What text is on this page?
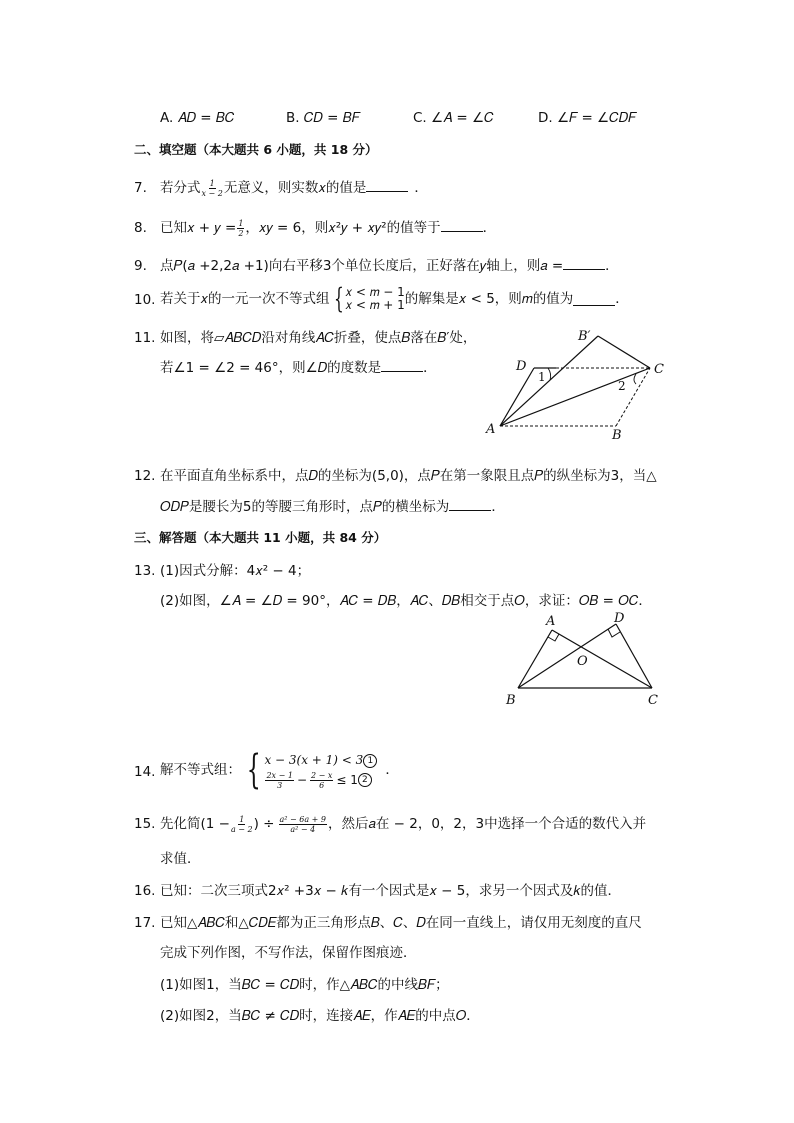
A. 𝐴𝐷 = 𝐵𝐶	B. 𝐶𝐷 = 𝐵𝐹	C. ∠𝐴 = ∠𝐶	D. ∠𝐹 = ∠𝐶𝐷𝐹
二、填空题（本大题共 6 小题，共 18 分）
7. 若分式 $\frac{1}{x - 2}$ 无意义，则实数𝑥的值是	．
8. 已知𝑥 + 𝑦 = $\frac{1}{2}$ ，𝑥𝑦 = 6，则𝑥²𝑦 + 𝑥𝑦²的值等于	．
9. 点𝑃(𝑎 +2,2𝑎 +1)向右平移3个单位长度后，正好落在𝑦轴上，则𝑎 =	．
10. 若关于𝑥的一元一次不等式组 { 𝑥 < 𝑚 − 1
𝑥 < 𝑚 + 1 的解集是𝑥 < 5，则𝑚的值为	．
11. 如图，将▱𝐴𝐵𝐶𝐷沿对角线𝐴𝐶折叠，使点𝐵落在𝐵′处，
若∠1 = ∠2 = 46°，则∠𝐷的度数是	．
A	B
C
D
B′
1
2
12. 在平面直角坐标系中，点𝐷的坐标为(5,0)，点𝑃在第一象限且点𝑃的纵坐标为3，当△
𝑂𝐷𝑃是腰长为5的等腰三角形时，点𝑃的横坐标为	．
三、解答题（本大题共 11 小题，共 84 分）
13. (1)因式分解：4𝑥² − 4；
(2)如图，∠𝐴 = ∠𝐷 = 90°，𝐴𝐶 = 𝐷𝐵，𝐴𝐶、𝐷𝐵相交于点𝑂，求证：𝑂𝐵 = 𝑂𝐶．
A	D
O
B	C
14. 解不等式组： { 𝑥 − 3(𝑥 + 1) < 3 1
$\frac{2x - 1}{3} - \frac{2 - x}{6} \le 1$ 2
．
15. 先化简($1 - \frac{1}{a - 2}$ ) ÷ $\frac{\text{a² − 6a + 9}}{\text{a² − 4}}$ ，然后𝑎在 − 2，0，2，3中选择一个合适的数代入并
求值．
16. 已知：二次三项式2𝑥² +3𝑥 − 𝑘有一个因式是𝑥 − 5，求另一个因式及𝑘的值．
17. 已知△𝐴𝐵𝐶和△𝐶𝐷𝐸都为正三角形点𝐵、𝐶、𝐷在同一直线上，请仅用无刻度的直尺
完成下列作图，不写作法，保留作图痕迹．
(1)如图1，当𝐵𝐶 = 𝐶𝐷时，作△𝐴𝐵𝐶的中线𝐵𝐹；
(2)如图2，当𝐵𝐶 ≠ 𝐶𝐷时，连接𝐴𝐸，作𝐴𝐸的中点𝑂．
